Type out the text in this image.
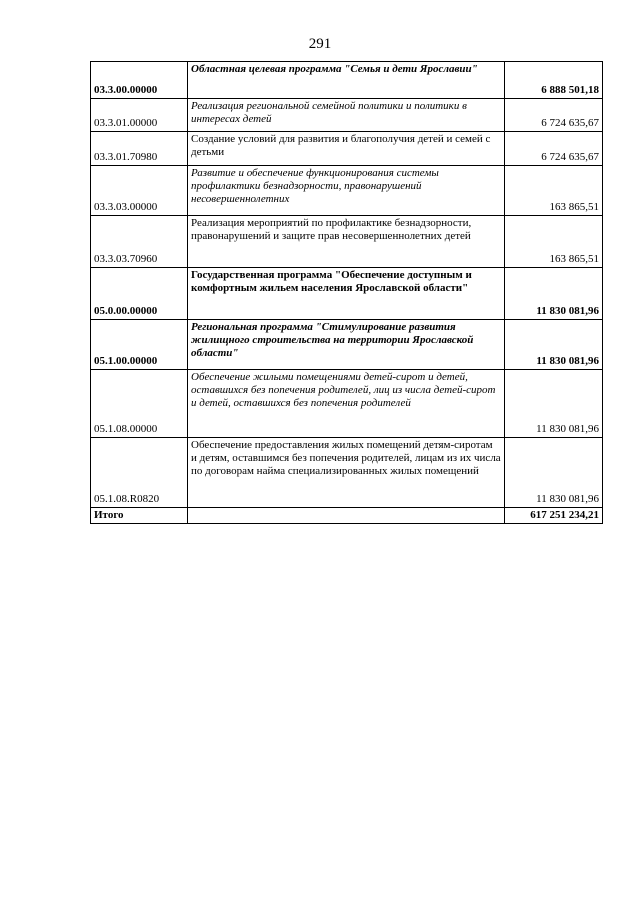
291
03.3.00.00000	Областная целевая программа "Семья и дети Ярославии"	6 888 501,18
03.3.01.00000	Реализация региональной семейной политики и политики в интересах детей	6 724 635,67
03.3.01.70980	Создание условий для развития и благополучия детей и семей с детьми	6 724 635,67
03.3.03.00000	Развитие и обеспечение функционирования системы профилактики безнадзорности, правонарушений несовершеннолетних	163 865,51
03.3.03.70960	Реализация мероприятий по профилактике безнадзорности, правонарушений и защите прав несовершеннолетних детей	163 865,51
05.0.00.00000	Государственная программа "Обеспечение доступным и комфортным жильем населения Ярославской области"	11 830 081,96
05.1.00.00000	Региональная программа "Стимулирование развития жилищного строительства на территории Ярославской области"	11 830 081,96
05.1.08.00000	Обеспечение жилыми помещениями детей-сирот и детей, оставшихся без попечения родителей, лиц из числа детей-сирот и детей, оставшихся без попечения родителей	11 830 081,96
05.1.08.R0820	Обеспечение предоставления жилых помещений детям-сиротам и детям, оставшимся без попечения родителей, лицам из их числа по договорам найма специализированных жилых помещений	11 830 081,96
Итого		617 251 234,21
